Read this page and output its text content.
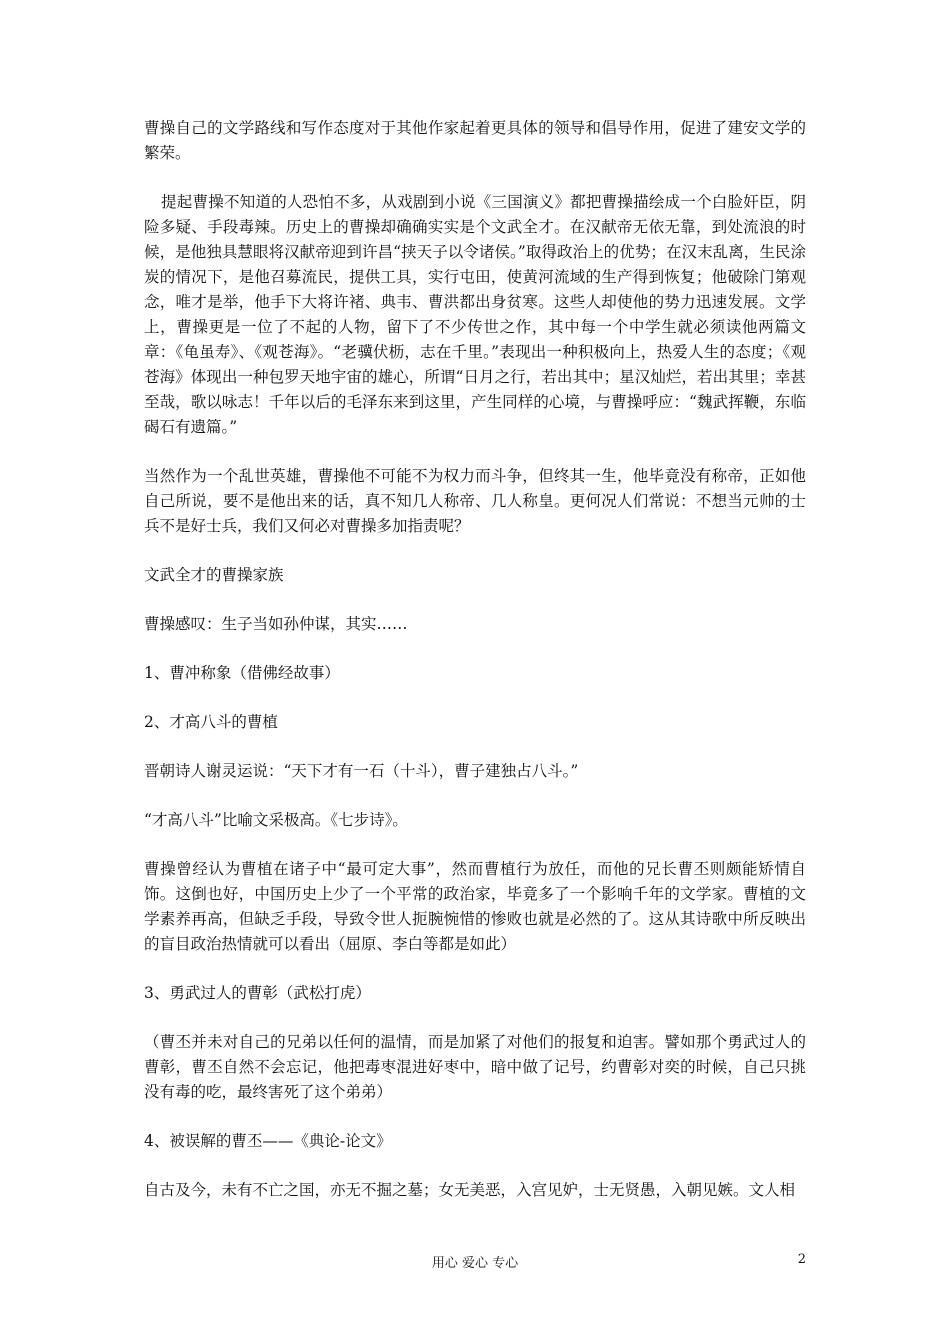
曹操自己的文学路线和写作态度对于其他作家起着更具体的领导和倡导作用，促进了建安文学的繁荣。

提起曹操不知道的人恐怕不多，从戏剧到小说《三国演义》都把曹操描绘成一个白脸奸臣，阴险多疑、手段毒辣。历史上的曹操却确确实实是个文武全才。在汉献帝无依无靠，到处流浪的时候，是他独具慧眼将汉献帝迎到许昌“挟天子以令诸侯。”取得政治上的优势；在汉末乱离，生民涂炭的情况下，是他召募流民，提供工具，实行屯田，使黄河流域的生产得到恢复；他破除门第观念，唯才是举，他手下大将许褚、典韦、曹洪都出身贫寒。这些人却使他的势力迅速发展。文学上，曹操更是一位了不起的人物，留下了不少传世之作，其中每一个中学生就必须读他两篇文章：《龟虽寿》、《观苍海》。“老骥伏枥，志在千里。”表现出一种积极向上，热爱人生的态度；《观苍海》体现出一种包罗天地宇宙的雄心，所谓“日月之行，若出其中；星汉灿烂，若出其里；幸甚至哉，歌以咏志！千年以后的毛泽东来到这里，产生同样的心境，与曹操呼应：“魏武挥鞭，东临碣石有遗篇。”

当然作为一个乱世英雄，曹操他不可能不为权力而斗争，但终其一生，他毕竟没有称帝，正如他自己所说，要不是他出来的话，真不知几人称帝、几人称皇。更何况人们常说：不想当元帅的士兵不是好士兵，我们又何必对曹操多加指责呢？

文武全才的曹操家族

曹操感叹：生子当如孙仲谋，其实……

1、曹冲称象（借佛经故事）

2、才高八斗的曹植

晋朝诗人谢灵运说：“天下才有一石（十斗），曹子建独占八斗。”

“才高八斗”比喻文采极高。《七步诗》。

曹操曾经认为曹植在诸子中“最可定大事”，然而曹植行为放任，而他的兄长曹丕则颇能矫情自饰。这倒也好，中国历史上少了一个平常的政治家，毕竟多了一个影响千年的文学家。曹植的文学素养再高，但缺乏手段，导致令世人扼腕惋惜的惨败也就是必然的了。这从其诗歌中所反映出的盲目政治热情就可以看出（屈原、李白等都是如此）

3、勇武过人的曹彰（武松打虎）

（曹丕并未对自己的兄弟以任何的温情，而是加紧了对他们的报复和迫害。譬如那个勇武过人的曹彰，曹丕自然不会忘记，他把毒枣混进好枣中，暗中做了记号，约曹彰对奕的时候，自己只挑没有毒的吃，最终害死了这个弟弟）

4、被误解的曹丕——《典论-论文》

自古及今，未有不亡之国，亦无不掘之墓；女无美恶，入宫见妒，士无贤愚，入朝见嫉。文人相

用心 爱心 专心	2
